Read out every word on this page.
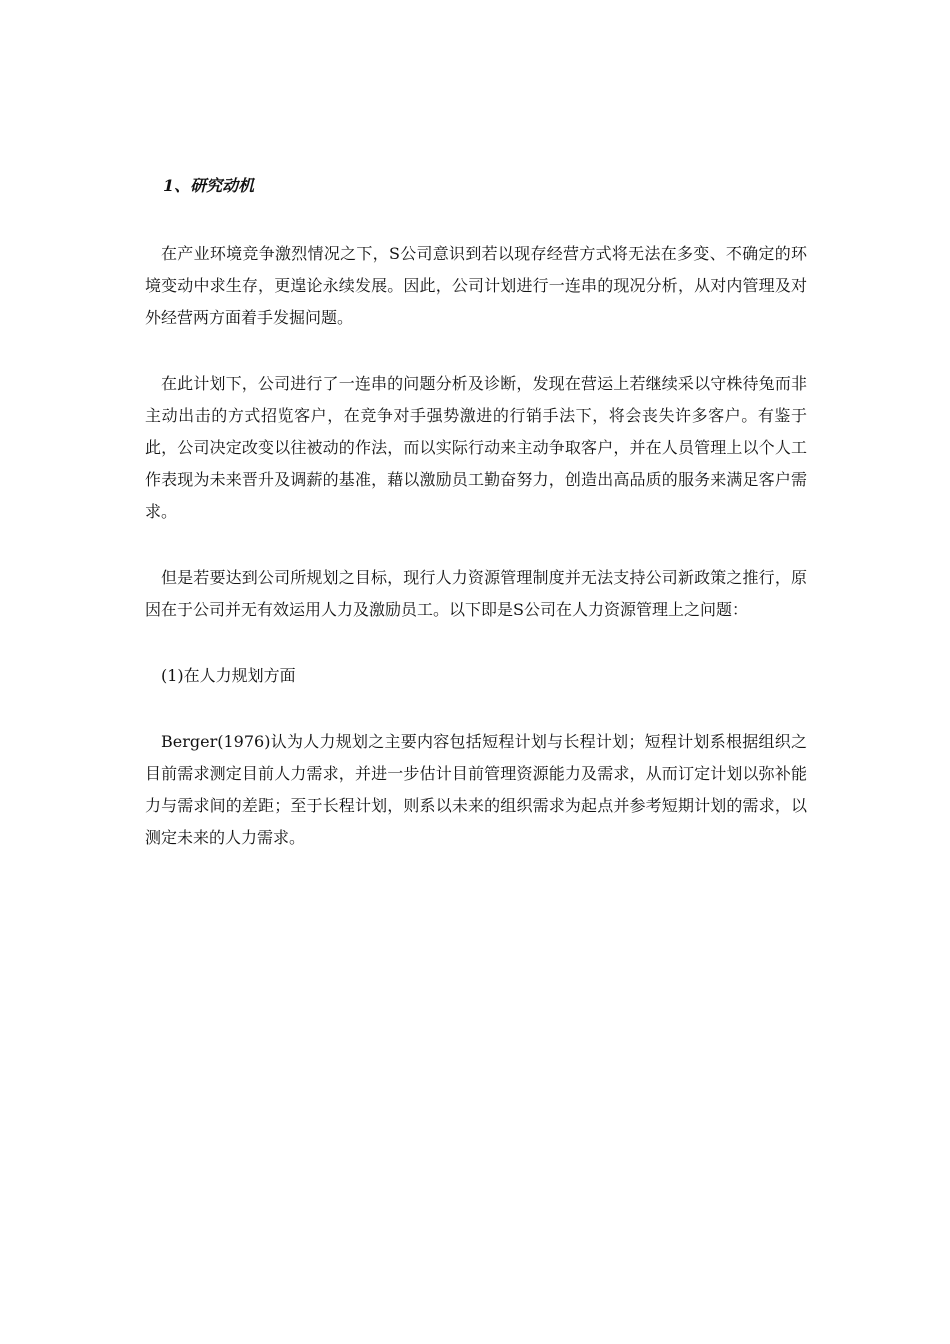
1、研究动机

在产业环境竞争激烈情况之下，S公司意识到若以现存经营方式将无法在多变、不确定的环境变动中求生存，更遑论永续发展。因此，公司计划进行一连串的现况分析，从对内管理及对外经营两方面着手发掘问题。

在此计划下，公司进行了一连串的问题分析及诊断，发现在营运上若继续采以守株待兔而非主动出击的方式招览客户，在竞争对手强势激进的行销手法下，将会丧失许多客户。有鉴于此，公司决定改变以往被动的作法，而以实际行动来主动争取客户，并在人员管理上以个人工作表现为未来晋升及调薪的基准，藉以激励员工勤奋努力，创造出高品质的服务来满足客户需求。

但是若要达到公司所规划之目标，现行人力资源管理制度并无法支持公司新政策之推行，原因在于公司并无有效运用人力及激励员工。以下即是S公司在人力资源管理上之问题：

(1)在人力规划方面

Berger(1976)认为人力规划之主要内容包括短程计划与长程计划；短程计划系根据组织之目前需求测定目前人力需求，并进一步估计目前管理资源能力及需求，从而订定计划以弥补能力与需求间的差距；至于长程计划，则系以未来的组织需求为起点并参考短期计划的需求，以测定未来的人力需求。
